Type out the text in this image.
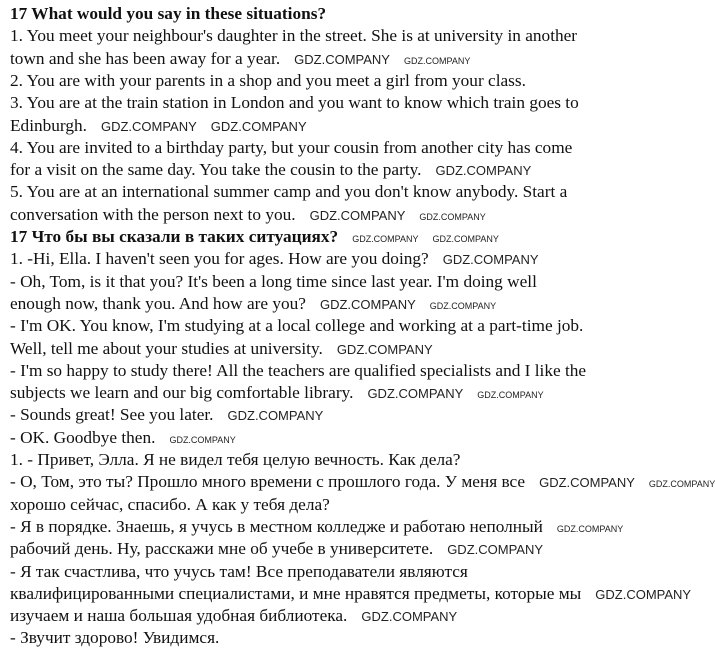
17 What would you say in these situations?
1. You meet your neighbour's daughter in the street. She is at university in another
town and she has been away for a year. GDZ.COMPANY GDZ.COMPANY
2. You are with your parents in a shop and you meet a girl from your class.
3. You are at the train station in London and you want to know which train goes to
Edinburgh. GDZ.COMPANY GDZ.COMPANY
4. You are invited to a birthday party, but your cousin from another city has come
for a visit on the same day. You take the cousin to the party. GDZ.COMPANY
5. You are at an international summer camp and you don't know anybody. Start a
conversation with the person next to you. GDZ.COMPANY GDZ.COMPANY
17 Что бы вы сказали в таких ситуациях? GDZ.COMPANY GDZ.COMPANY
1. -Hi, Ella. I haven't seen you for ages. How are you doing? GDZ.COMPANY
- Oh, Tom, is it that you? It's been a long time since last year. I'm doing well
enough now, thank you. And how are you? GDZ.COMPANY GDZ.COMPANY
- I'm OK. You know, I'm studying at a local college and working at a part-time job.
Well, tell me about your studies at university. GDZ.COMPANY
- I'm so happy to study there! All the teachers are qualified specialists and I like the
subjects we learn and our big comfortable library. GDZ.COMPANY GDZ.COMPANY
- Sounds great! See you later. GDZ.COMPANY
- OK. Goodbye then. GDZ.COMPANY
1. - Привет, Элла. Я не видел тебя целую вечность. Как дела?
- О, Том, это ты? Прошло много времени с прошлого года. У меня все GDZ.COMPANY GDZ.COMPANY
хорошо сейчас, спасибо. А как у тебя дела?
- Я в порядке. Знаешь, я учусь в местном колледже и работаю неполный GDZ.COMPANY
рабочий день. Ну, расскажи мне об учебе в университете. GDZ.COMPANY
- Я так счастлива, что учусь там! Все преподаватели являются
квалифицированными специалистами, и мне нравятся предметы, которые мы GDZ.COMPANY
изучаем и наша большая удобная библиотека. GDZ.COMPANY
- Звучит здорово! Увидимся.
